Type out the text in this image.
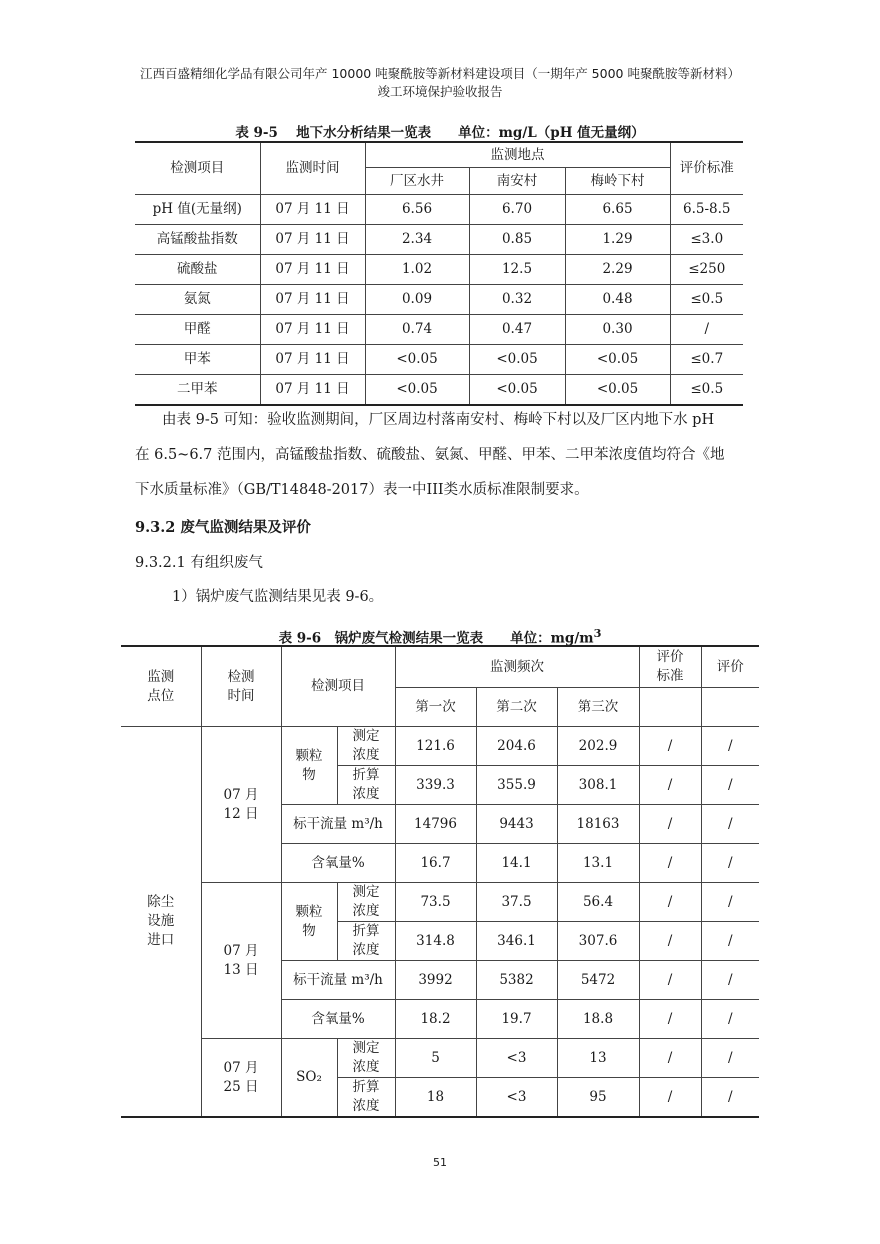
江西百盛精细化学品有限公司年产 10000 吨聚酰胺等新材料建设项目（一期年产 5000 吨聚酰胺等新材料）
竣工环境保护验收报告
表 9-5　 地下水分析结果一览表　　单位：mg/L（pH 值无量纲）
检测项目	监测时间	监测地点			评价标准
		厂区水井	南安村	梅岭下村	
pH 值(无量纲)	07 月 11 日	6.56	6.70	6.65	6.5-8.5
高锰酸盐指数	07 月 11 日	2.34	0.85	1.29	≤3.0
硫酸盐	07 月 11 日	1.02	12.5	2.29	≤250
氨氮	07 月 11 日	0.09	0.32	0.48	≤0.5
甲醛	07 月 11 日	0.74	0.47	0.30	/
甲苯	07 月 11 日	<0.05	<0.05	<0.05	≤0.7
二甲苯	07 月 11 日	<0.05	<0.05	<0.05	≤0.5
由表 9-5 可知：验收监测期间，厂区周边村落南安村、梅岭下村以及厂区内地下水 pH
在 6.5~6.7 范围内，高锰酸盐指数、硫酸盐、氨氮、甲醛、甲苯、二甲苯浓度值均符合《地
下水质量标准》（GB/T14848-2017）表一中III类水质标准限制要求。
9.3.2 废气监测结果及评价
9.3.2.1 有组织废气
1）锅炉废气监测结果见表 9-6。
表 9-6　锅炉废气检测结果一览表　　单位：$mg/m^3$
监测点位	检测时间	检测项目		监测频次			评价标准	评价
				第一次	第二次	第三次		

除尘设施进口	07 月 12 日	颗粒物	测定浓度	121.6	204.6	202.9	/	/

			折算浓度	339.3	355.9	308.1	/	/
		标干流量 m³/h		14796	9443	18163	/	/
		含氧量%		16.7	14.1	13.1	/	/

	07 月 13 日	颗粒物	测定浓度	73.5	37.5	56.4	/	/

			折算浓度	314.8	346.1	307.6	/	/
		标干流量 m³/h		3992	5382	5472	/	/
		含氧量%		18.2	19.7	18.8	/	/

	07 月 25 日	SO₂	测定浓度	5	<3	13	/	/

			折算浓度	18	<3	95	/	/
51
